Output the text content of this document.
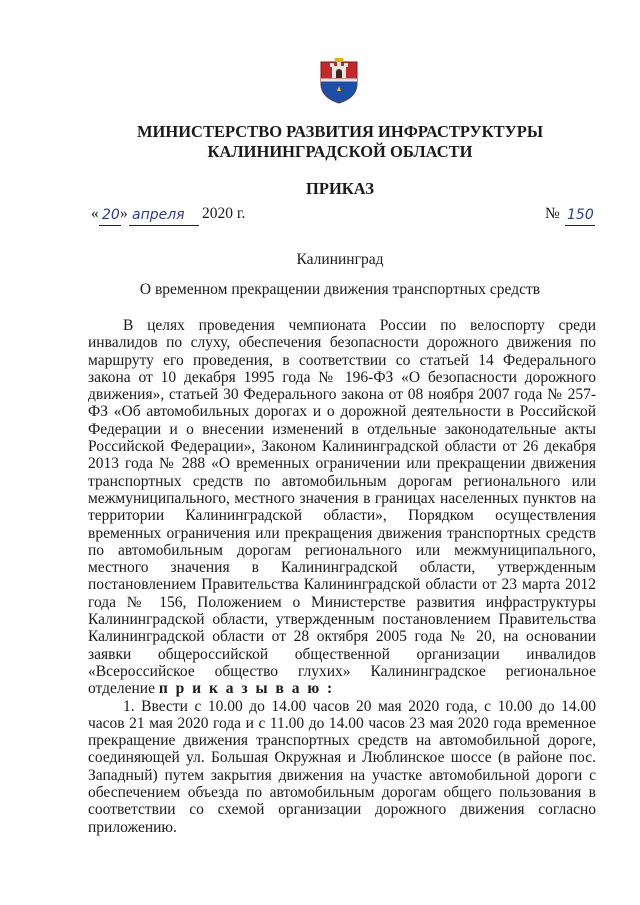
МИНИСТЕРСТВО РАЗВИТИЯ ИНФРАСТРУКТУРЫ
КАЛИНИНГРАДСКОЙ ОБЛАСТИ
ПРИКАЗ
« 20 » апреля 2020 г.	№ 150
Калининград
О временном прекращении движения транспортных средств

В целях проведения чемпионата России по велоспорту среди инвалидов по слуху, обеспечения безопасности дорожного движения по маршруту его проведения, в соответствии со статьей 14 Федерального закона от 10 декабря 1995 года № 196-ФЗ «О безопасности дорожного движения», статьей 30 Федерального закона от 08 ноября 2007 года № 257-ФЗ «Об автомобильных дорогах и о дорожной деятельности в Российской Федерации и о внесении изменений в отдельные законодательные акты Российской Федерации», Законом Калининградской области от 26 декабря 2013 года № 288 «О временных ограничении или прекращении движения транспортных средств по автомобильным дорогам регионального или межмуниципального, местного значения в границах населенных пунктов на территории Калининградской области», Порядком осуществления временных ограничения или прекращения движения транспортных средств по автомобильным дорогам регионального или межмуниципального, местного значения в Калининградской области, утвержденным постановлением Правительства Калининградской области от 23 марта 2012 года № 156, Положением о Министерстве развития инфраструктуры Калининградской области, утвержденным постановлением Правительства Калининградской области от 28 октября 2005 года № 20, на основании заявки общероссийской общественной организации инвалидов «Всероссийское общество глухих» Калининградское региональное отделение п р и к а з ы в а ю :

1. Ввести с 10.00 до 14.00 часов 20 мая 2020 года, с 10.00 до 14.00 часов 21 мая 2020 года и с 11.00 до 14.00 часов 23 мая 2020 года временное прекращение движения транспортных средств на автомобильной дороге, соединяющей ул. Большая Окружная и Люблинское шоссе (в районе пос. Западный) путем закрытия движения на участке автомобильной дороги с обеспечением объезда по автомобильным дорогам общего пользования в соответствии со схемой организации дорожного движения согласно приложению.
